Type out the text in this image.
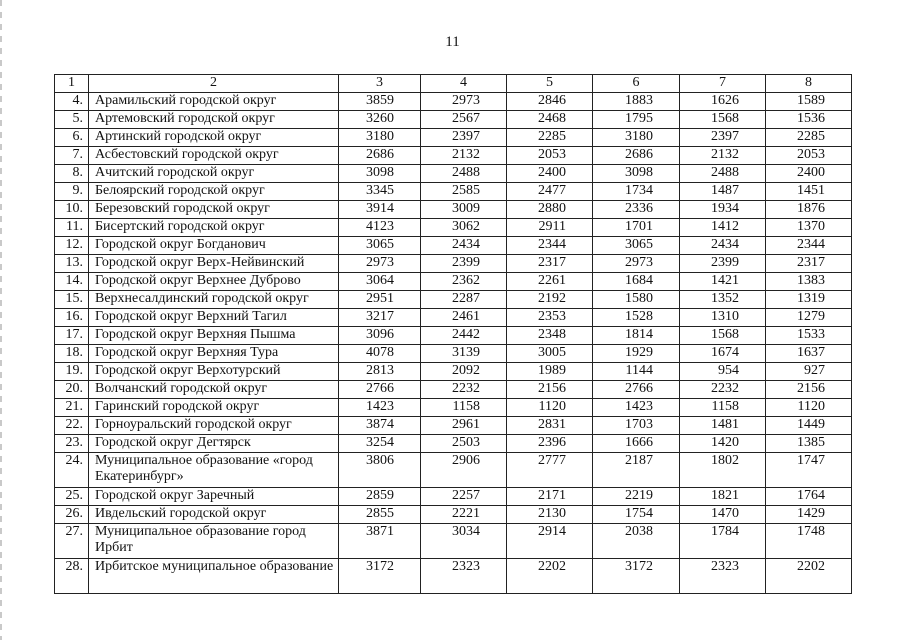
11
1	2	3	4	5	6	7	8
4.	Арамильский городской округ	3859	2973	2846	1883	1626	1589
5.	Артемовский городской округ	3260	2567	2468	1795	1568	1536
6.	Артинский городской округ	3180	2397	2285	3180	2397	2285
7.	Асбестовский городской округ	2686	2132	2053	2686	2132	2053
8.	Ачитский городской округ	3098	2488	2400	3098	2488	2400
9.	Белоярский городской округ	3345	2585	2477	1734	1487	1451
10.	Березовский городской округ	3914	3009	2880	2336	1934	1876
11.	Бисертский городской округ	4123	3062	2911	1701	1412	1370
12.	Городской округ Богданович	3065	2434	2344	3065	2434	2344
13.	Городской округ Верх-Нейвинский	2973	2399	2317	2973	2399	2317
14.	Городской округ Верхнее Дуброво	3064	2362	2261	1684	1421	1383
15.	Верхнесалдинский городской округ	2951	2287	2192	1580	1352	1319
16.	Городской округ Верхний Тагил	3217	2461	2353	1528	1310	1279
17.	Городской округ Верхняя Пышма	3096	2442	2348	1814	1568	1533
18.	Городской округ Верхняя Тура	4078	3139	3005	1929	1674	1637
19.	Городской округ Верхотурский	2813	2092	1989	1144	954	927
20.	Волчанский городской округ	2766	2232	2156	2766	2232	2156
21.	Гаринский городской округ	1423	1158	1120	1423	1158	1120
22.	Горноуральский городской округ	3874	2961	2831	1703	1481	1449
23.	Городской округ Дегтярск	3254	2503	2396	1666	1420	1385
24.	Муниципальное образование «город Екатеринбург»	3806	2906	2777	2187	1802	1747
25.	Городской округ Заречный	2859	2257	2171	2219	1821	1764
26.	Ивдельский городской округ	2855	2221	2130	1754	1470	1429
27.	Муниципальное образование город Ирбит	3871	3034	2914	2038	1784	1748
28.	Ирбитское муниципальное образование	3172	2323	2202	3172	2323	2202
